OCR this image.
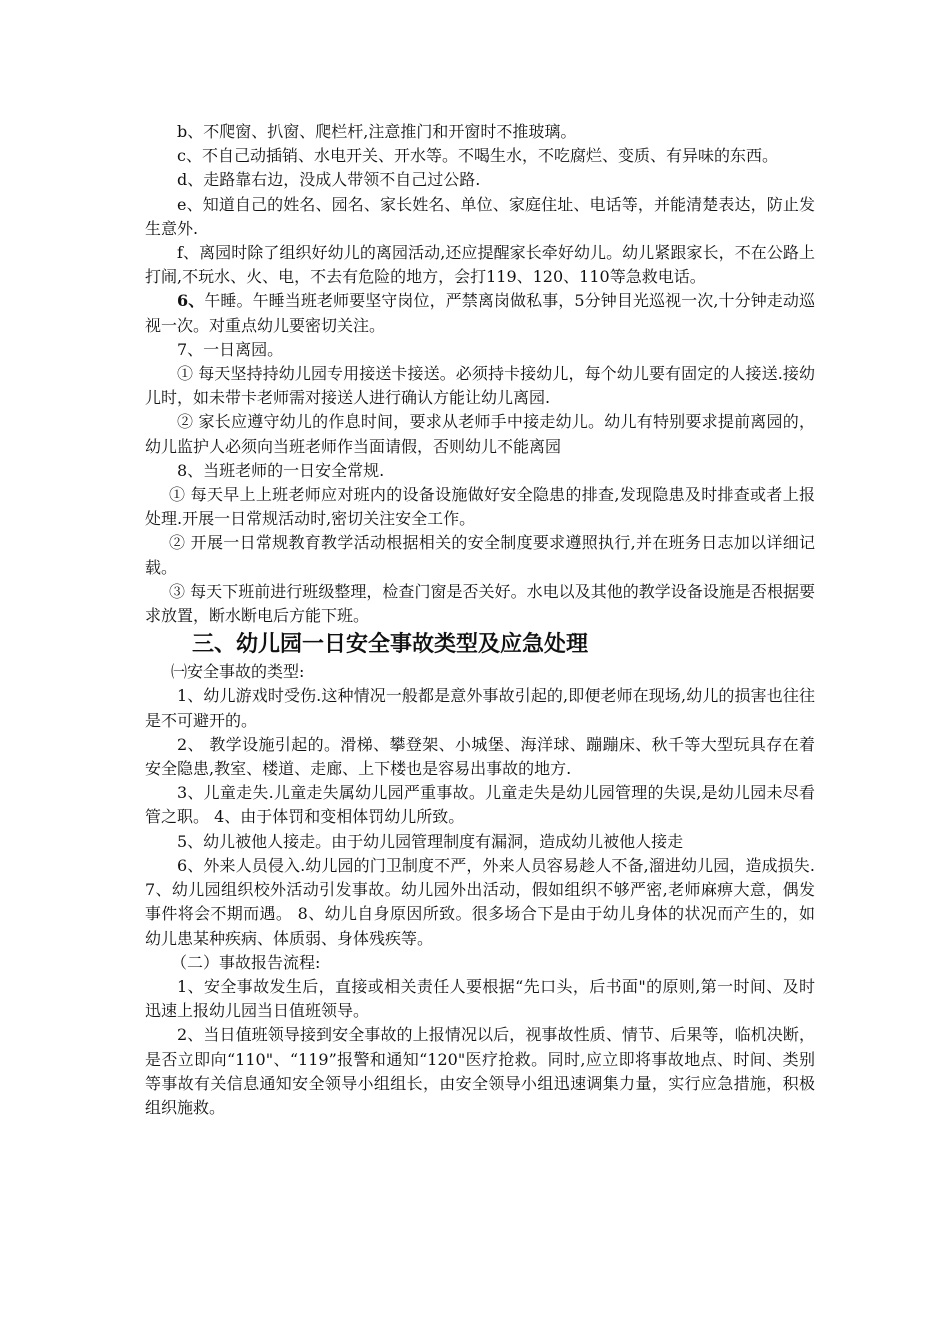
b、不爬窗、扒窗、爬栏杆,注意推门和开窗时不推玻璃。

c、不自己动插销、水电开关、开水等。不喝生水，不吃腐烂、变质、有异味的东西。

d、走路靠右边，没成人带领不自己过公路.

e、知道自己的姓名、园名、家长姓名、单位、家庭住址、电话等，并能清楚表达，防止发生意外.

f、离园时除了组织好幼儿的离园活动,还应提醒家长牵好幼儿。幼儿紧跟家长，不在公路上打闹,不玩水、火、电，不去有危险的地方，会打119、120、110等急救电话。

6、午睡。午睡当班老师要坚守岗位，严禁离岗做私事，5分钟目光巡视一次,十分钟走动巡视一次。对重点幼儿要密切关注。

7、一日离园。

① 每天坚持持幼儿园专用接送卡接送。必须持卡接幼儿，每个幼儿要有固定的人接送.接幼儿时，如未带卡老师需对接送人进行确认方能让幼儿离园.

② 家长应遵守幼儿的作息时间，要求从老师手中接走幼儿。幼儿有特别要求提前离园的，幼儿监护人必须向当班老师作当面请假，否则幼儿不能离园

8、当班老师的一日安全常规.

① 每天早上上班老师应对班内的设备设施做好安全隐患的排查,发现隐患及时排查或者上报处理.开展一日常规活动时,密切关注安全工作。

② 开展一日常规教育教学活动根据相关的安全制度要求遵照执行,并在班务日志加以详细记载。

③ 每天下班前进行班级整理，检查门窗是否关好。水电以及其他的教学设备设施是否根据要求放置，断水断电后方能下班。

三、幼儿园一日安全事故类型及应急处理

㈠安全事故的类型:

1、幼儿游戏时受伤.这种情况一般都是意外事故引起的,即便老师在现场,幼儿的损害也往往是不可避开的。

2、 教学设施引起的。滑梯、攀登架、小城堡、海洋球、蹦蹦床、秋千等大型玩具存在着安全隐患,教室、楼道、走廊、上下楼也是容易出事故的地方.

3、儿童走失.儿童走失属幼儿园严重事故。儿童走失是幼儿园管理的失误,是幼儿园未尽看管之职。 4、由于体罚和变相体罚幼儿所致。

5、幼儿被他人接走。由于幼儿园管理制度有漏洞，造成幼儿被他人接走

6、外来人员侵入.幼儿园的门卫制度不严，外来人员容易趁人不备,溜进幼儿园，造成损失. 7、幼儿园组织校外活动引发事故。幼儿园外出活动，假如组织不够严密,老师麻痹大意，偶发事件将会不期而遇。 8、幼儿自身原因所致。很多场合下是由于幼儿身体的状况而产生的，如幼儿患某种疾病、体质弱、身体残疾等。

（二）事故报告流程:

1、安全事故发生后，直接或相关责任人要根据“先口头，后书面"的原则,第一时间、及时迅速上报幼儿园当日值班领导。

2、当日值班领导接到安全事故的上报情况以后，视事故性质、情节、后果等，临机决断，是否立即向“110"、“119”报警和通知“120"医疗抢救。同时,应立即将事故地点、时间、类别等事故有关信息通知安全领导小组组长，由安全领导小组迅速调集力量，实行应急措施，积极组织施救。
